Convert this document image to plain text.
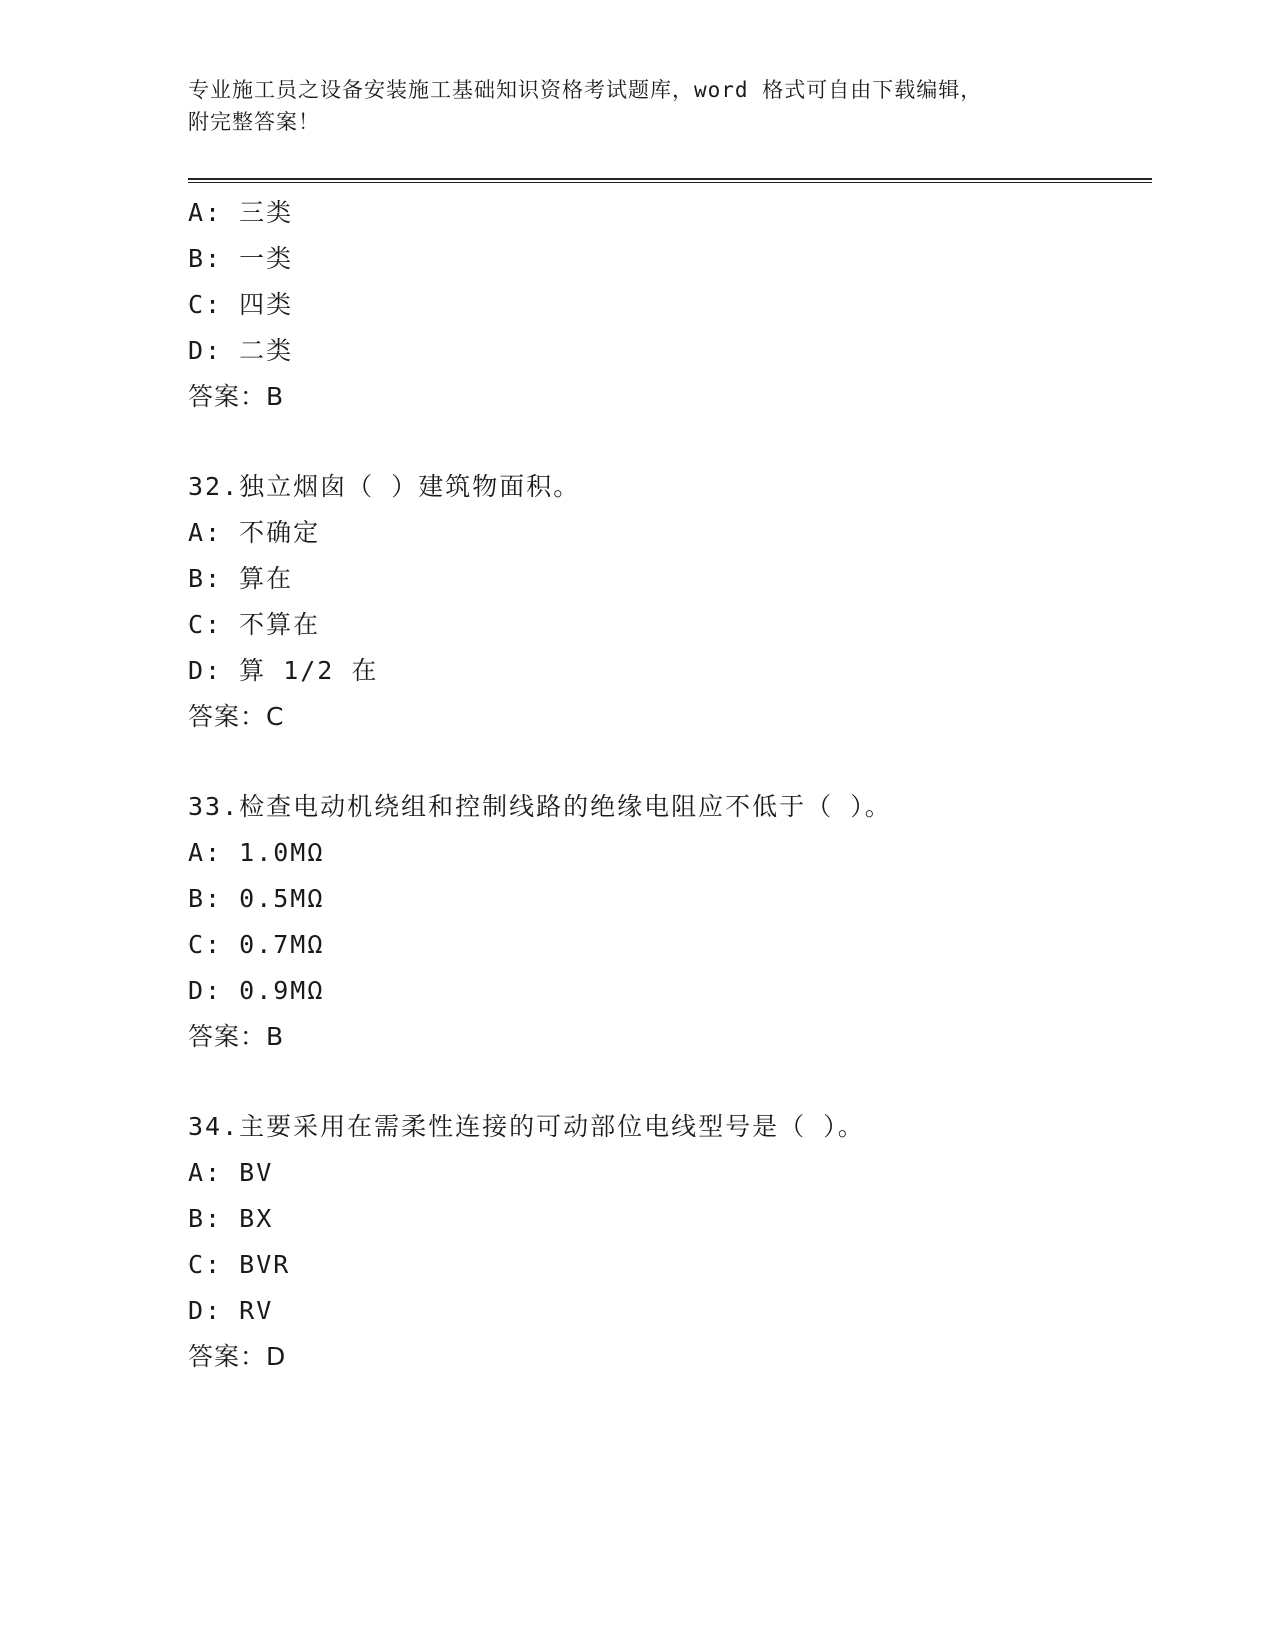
专业施工员之设备安装施工基础知识资格考试题库，word 格式可自由下载编辑，
附完整答案！
A: 三类
B: 一类
C: 四类
D: 二类
答案：B
32.独立烟囱（ ）建筑物面积。
A: 不确定
B: 算在
C: 不算在
D: 算 1/2 在
答案：C
33.检查电动机绕组和控制线路的绝缘电阻应不低于（ ）。
A: 1.0MΩ
B: 0.5MΩ
C: 0.7MΩ
D: 0.9MΩ
答案：B
34.主要采用在需柔性连接的可动部位电线型号是（ ）。
A: BV
B: BX
C: BVR
D: RV
答案：D
